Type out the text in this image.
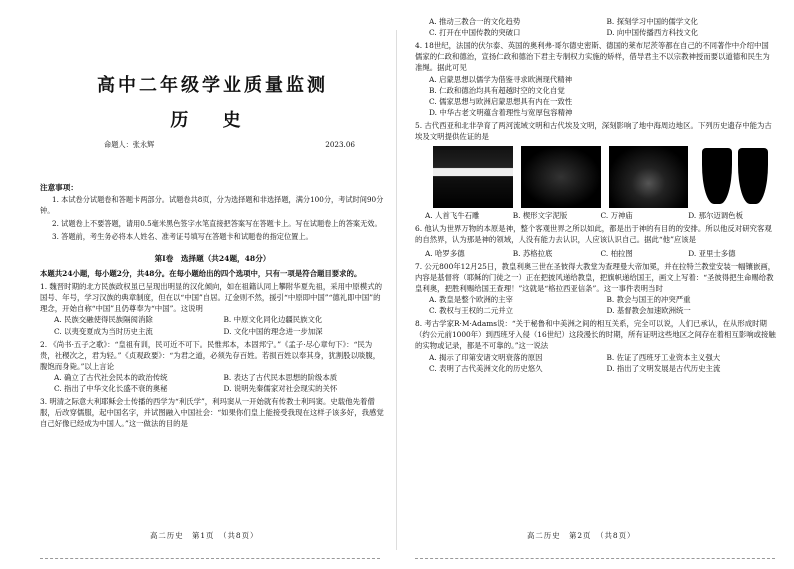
高中二年级学业质量监测
历 史
命题人：张永辉	2023.06
注意事项：
1. 本试卷分试题卷和答题卡两部分。试题卷共8页，分为选择题和非选择题，满分100分，考试时间90分钟。
2. 试题卷上不要答题，请用0.5毫米黑色签字水笔直接把答案写在答题卡上。写在试题卷上的答案无效。
3. 答题前，考生务必将本人姓名、准考证号填写在答题卡和试题卷的指定位置上。
第Ⅰ卷　选择题（共24题，48分）
本题共24小题，每小题2分，共48分。在每小题给出的四个选项中，只有一项是符合题目要求的。
1. 魏晋时期的北方民族政权虽已呈现出明显的汉化倾向，如在祖籍认同上攀附华夏先祖，采用中原模式的国号、年号，学习汉族的典章制度，但在以“中国”自居。辽金则不然，援引“中原即中国”“德礼即中国”的理念，开始自称“中国”且仍尊奉为“中国”。这说明
A. 民族交融使得民族隔阂消除	B. 中原文化同化边疆民族文化
C. 以夷变夏成为当时历史主流	D. 文化中国的理念进一步加深
2. 《尚书·五子之歌》：“皇祖有训，民可近不可下。民惟邦本，本固邦宁。”《孟子·尽心章句下》：“民为贵，社稷次之，君为轻。”《贞观政要》：“为君之道，必须先存百姓。若损百姓以奉其身，犹割股以啖腹，腹饱而身毙。”以上言论
A. 确立了古代社会民本的政治传统	B. 表达了古代民本思想的阶级本质
C. 指出了中华文化长盛不衰的奥秘	D. 说明先秦儒家对社会现实的关怀
3. 明清之际意大利耶稣会士传播的西学为“利氏学”，利玛窦从一开始就有传教士利玛窦。史载他先着僧服，后改穿儒服，起中国名字，并试图融入中国社会：“如果你们皇上能接受我现在这样子该多好，我感觉自己好像已经成为中国人。”这一做法的目的是
高二历史　第1页　（共8页）
A. 推动三教合一的文化趋势	B. 探刻学习中国的儒学文化
C. 打开在中国传教的突破口	D. 向中国传播西方科技文化
4. 18世纪，法国的伏尔泰、英国的奥利弗·哥尔德史密斯、德国的莱布尼茨等都在自己的不同著作中介绍中国儒家的仁政和德治，宣扬仁政和德治下君主专制权力实施的矫样，借导君主不以宗教神授而要以道德和民生为准绳。据此可见
A. 启蒙思想以儒学为借鉴寻求欧洲现代精神
B. 仁政和德治均具有超越时空的文化自觉
C. 儒家思想与欧洲启蒙思想具有内在一致性
D. 中华古老文明蕴含着理性与宽厚包容精神
5. 古代西亚和北非孕育了两河流域文明和古代埃及文明，深刻影响了地中海周边地区。下列历史遗存中能为古埃及文明提供佐证的是
A. 人首飞牛石雕	B. 楔形文字泥版	C. 万神庙	D. 那尔迈调色板
6. 他认为世界万物的本原是神，整个客观世界之所以如此，都是出于神的有目的的安排。所以他反对研究客观的自然界，认为那是神的领域，人没有能力去认识，人应该认识自己。据此“他”应该是
A. 哈罗多德	B. 苏格拉底	C. 柏拉图	D. 亚里士多德
7. 公元800年12月25日，教皇利奥三世在圣彼得大教堂为查理曼大帝加冕，并在拉特兰教堂安装一幅镶嵌画，内容是基督将（耶稣的门徒之一）正在把披风递给教皇，把旗帜递给国王，画文上写着：“圣彼得把生命赐给教皇利奥，把胜利赐给国王查理！”这就是“格拉西亚信条”。这一事件表明当时
A. 教皇是整个欧洲的主宰	B. 教会与国王的冲突严重
C. 教权与王权的二元并立	D. 基督教会加速欧洲统一
8. 考古学家R·M·Adams说：“关于秘鲁和中美洲之间的相互关系，完全可以说，人们已承认，在从形成时期（约公元前1000年）到西班牙入侵（16世纪）这段漫长的时期，所有证明这些地区之间存在着相互影响或接触的实物或记录，都是不可靠的。”这一说法
A. 揭示了印第安诸文明衰落的原因	B. 佐证了西班牙工业资本主义强大
C. 表明了古代美洲文化的历史悠久	D. 指出了文明发展是古代历史主流
高二历史　第2页　（共8页）
